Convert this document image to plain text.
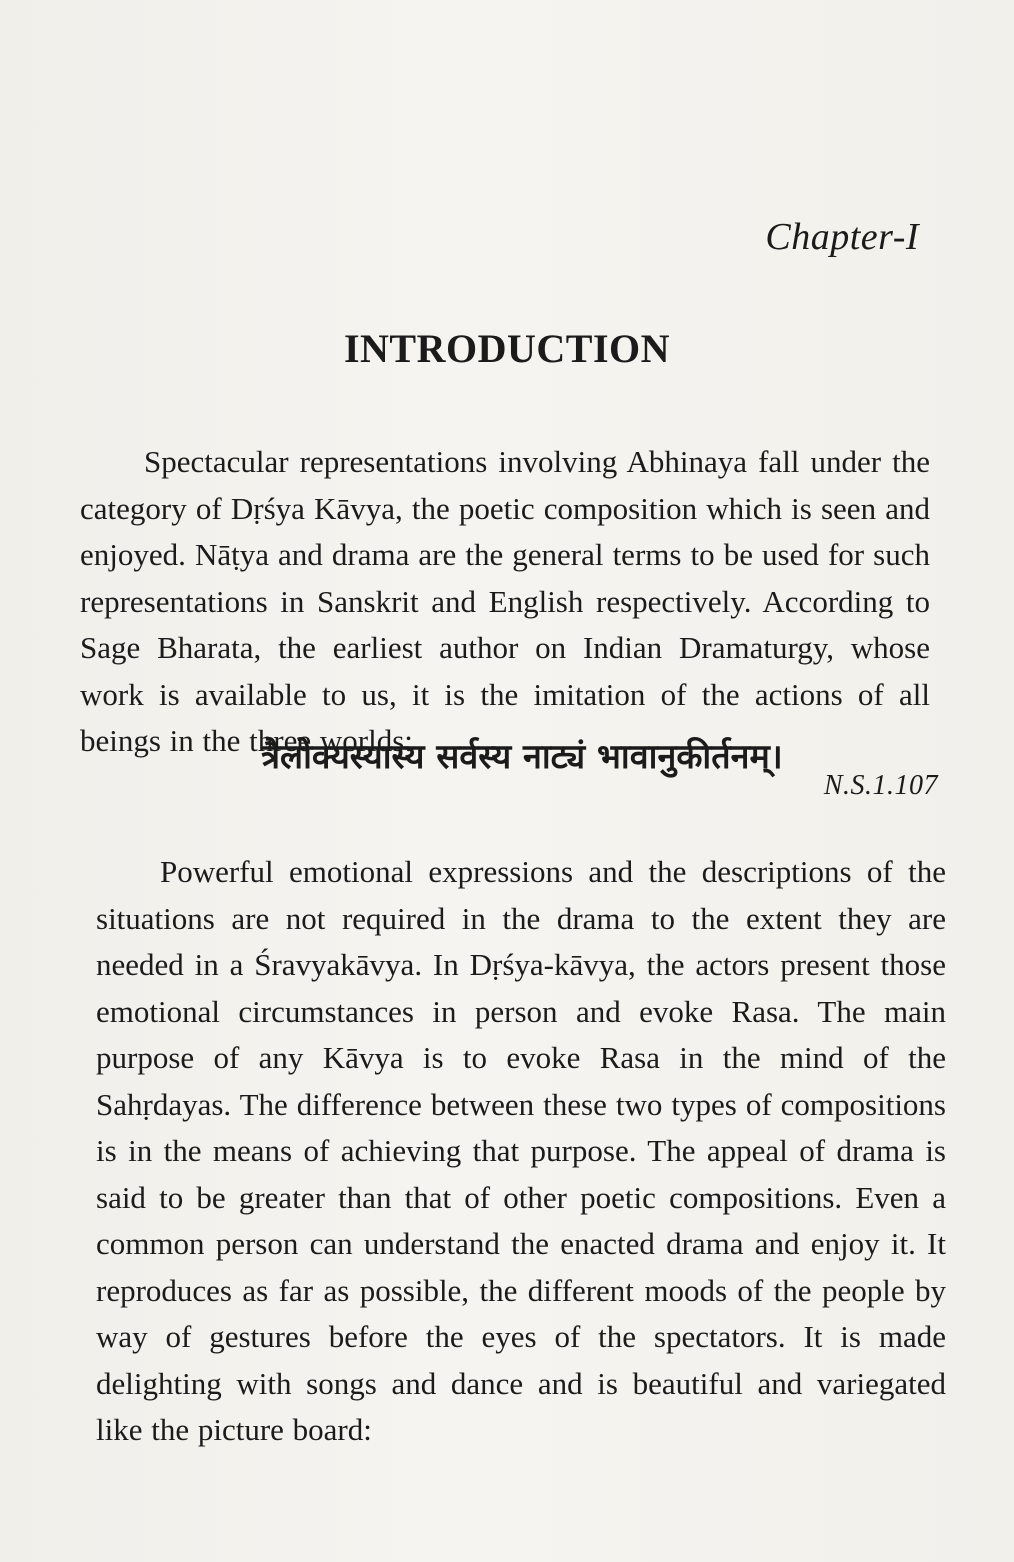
Chapter-I
INTRODUCTION

Spectacular representations involving Abhinaya fall under the category of Dṛśya Kāvya, the poetic composition which is seen and enjoyed. Nāṭya and drama are the general terms to be used for such representations in Sanskrit and English respectively. According to Sage Bharata, the earliest author on Indian Dramaturgy, whose work is available to us, it is the imitation of the actions of all beings in the three worlds:

त्रैलोक्यस्यास्य सर्वस्य नाट्यं भावानुकीर्तनम्।
N.S.1.107

Powerful emotional expressions and the descriptions of the situations are not required in the drama to the extent they are needed in a Śravyakāvya. In Dṛśya-kāvya, the actors present those emotional circumstances in person and evoke Rasa. The main purpose of any Kāvya is to evoke Rasa in the mind of the Sahṛdayas. The difference between these two types of compositions is in the means of achieving that purpose. The appeal of drama is said to be greater than that of other poetic compositions. Even a common person can understand the enacted drama and enjoy it. It reproduces as far as possible, the different moods of the people by way of gestures before the eyes of the spectators. It is made delighting with songs and dance and is beautiful and variegated like the picture board:
